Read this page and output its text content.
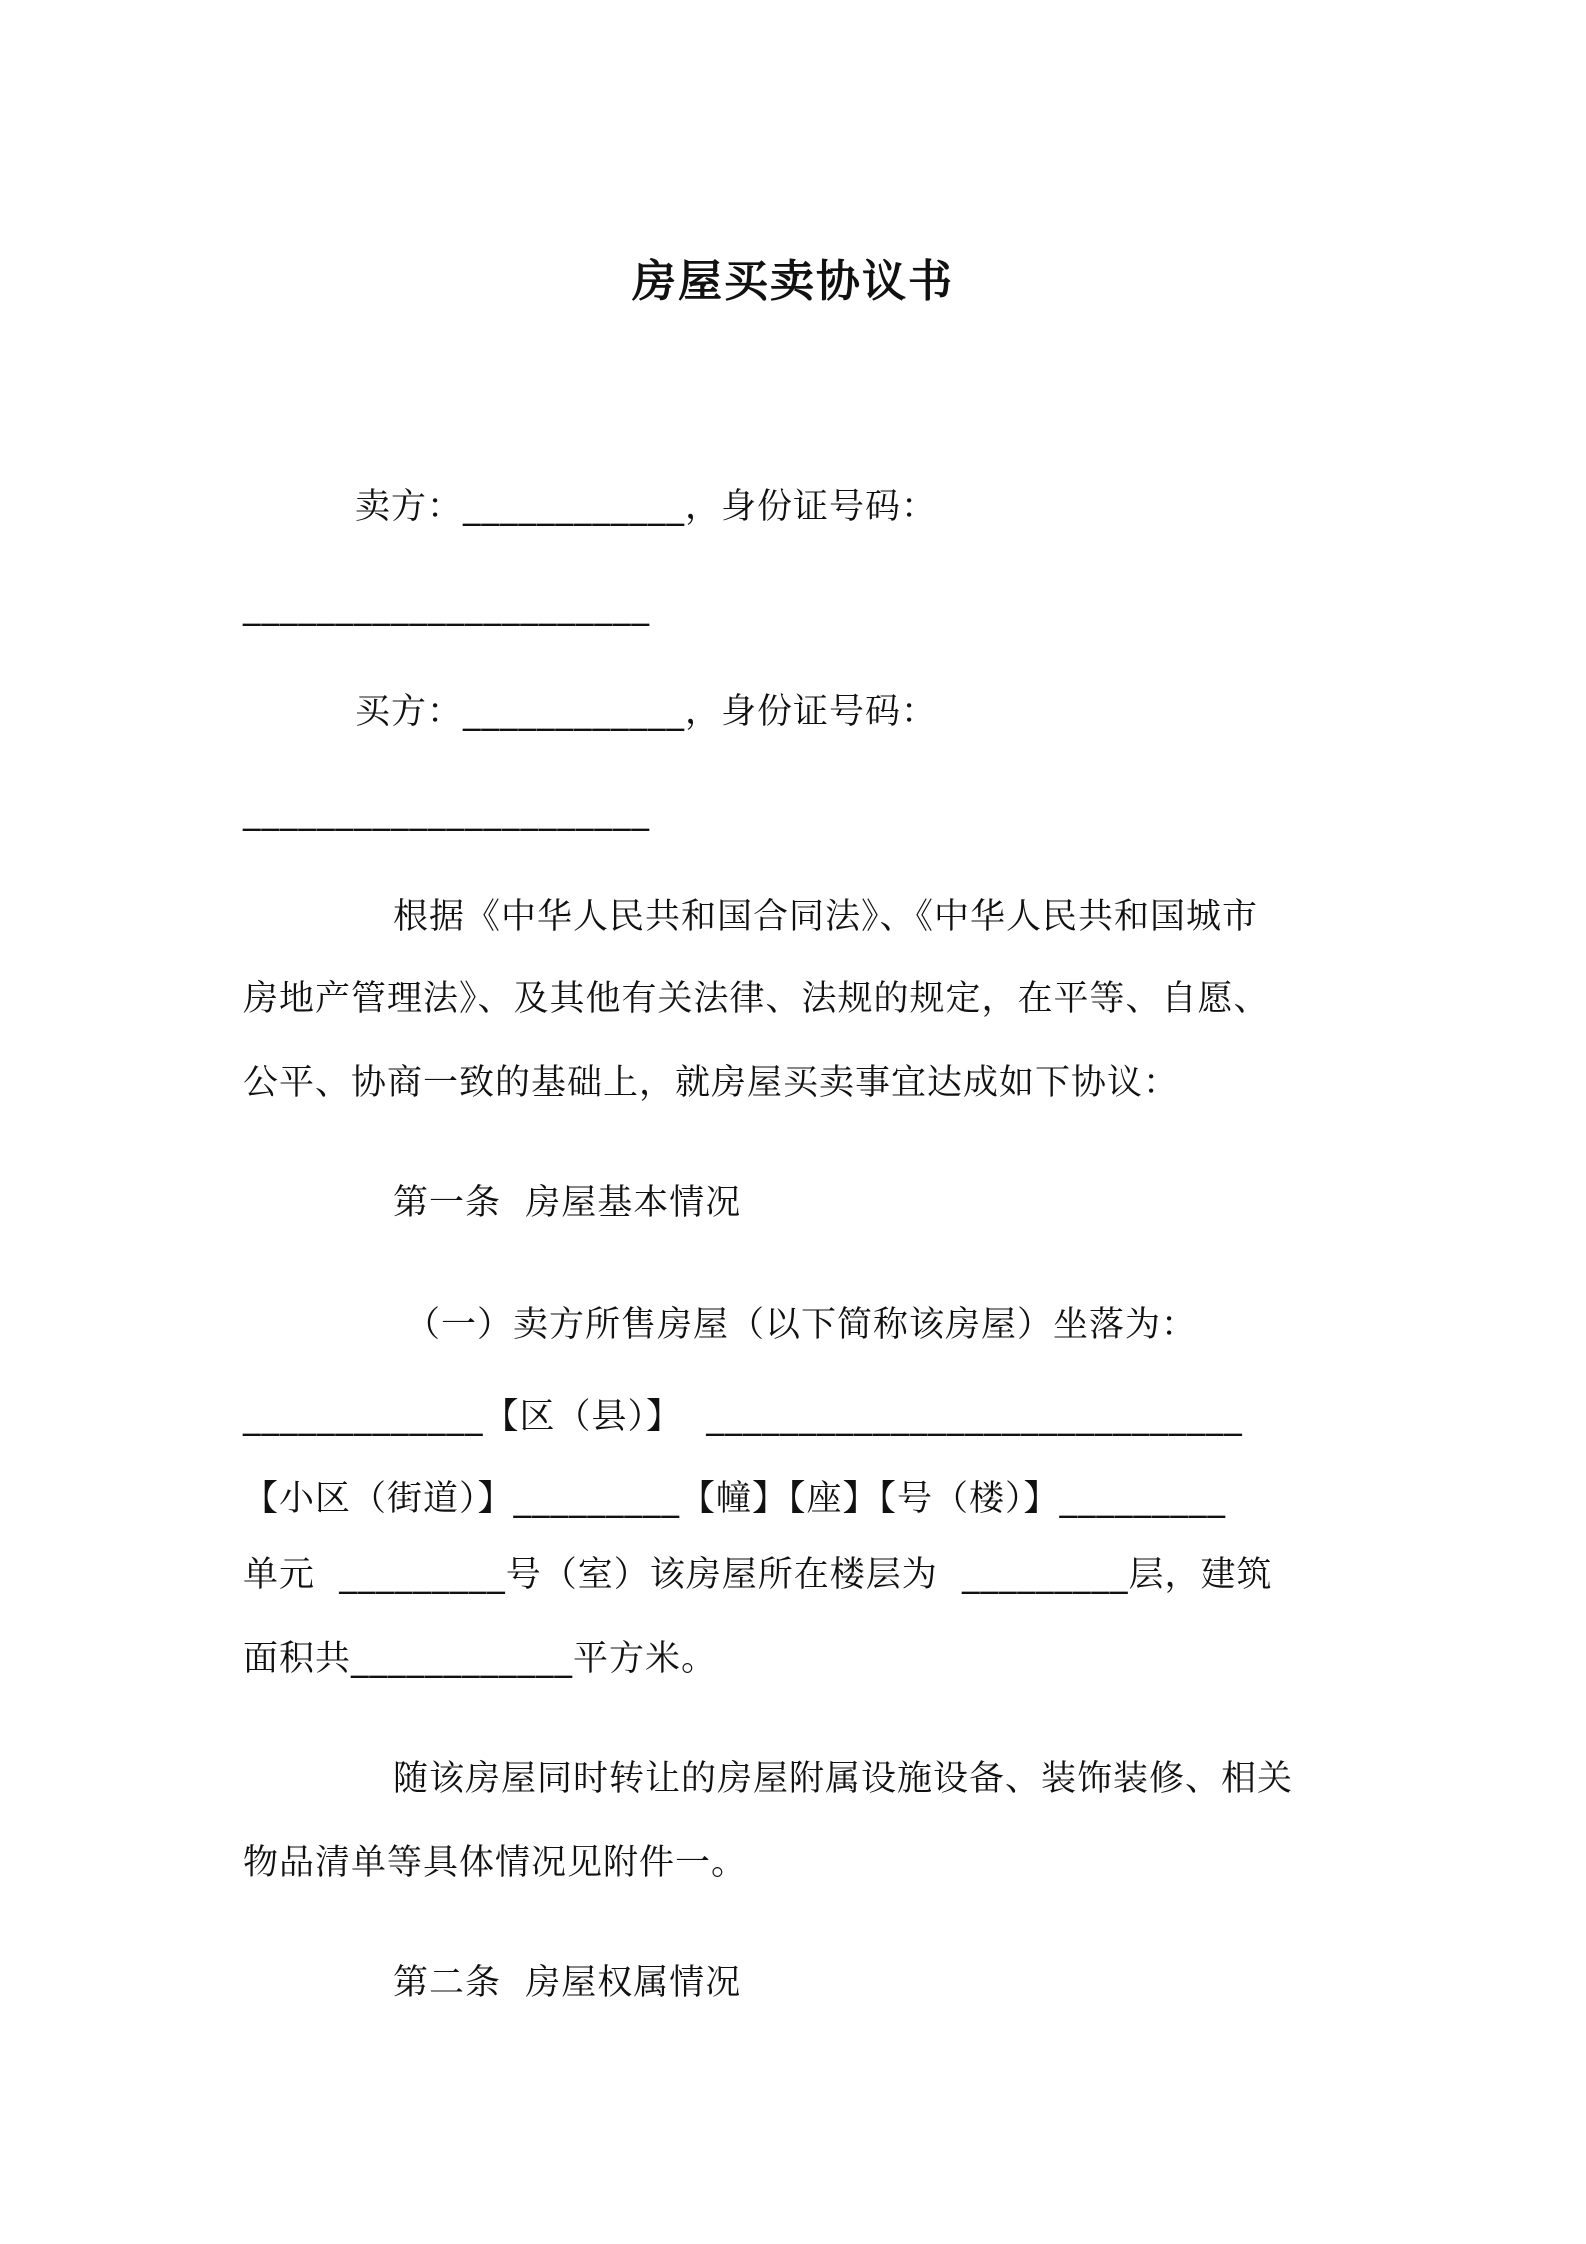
房屋买卖协议书
卖方：____________，身份证号码：
______________________
买方：____________，身份证号码：
______________________
根据《中华人民共和国合同法》、《中华人民共和国城市
房地产管理法》、及其他有关法律、法规的规定，在平等、自愿、
公平、协商一致的基础上，就房屋买卖事宜达成如下协议：
第一条  房屋基本情况
（一）卖方所售房屋（以下简称该房屋）坐落为：
_____________【区（县）】  _____________________________
【小区（街道）】_________【幢】【座】【号（楼）】_________
单元  _________号（室）该房屋所在楼层为  _________层，建筑
面积共____________平方米。
随该房屋同时转让的房屋附属设施设备、装饰装修、相关
物品清单等具体情况见附件一。
第二条  房屋权属情况
